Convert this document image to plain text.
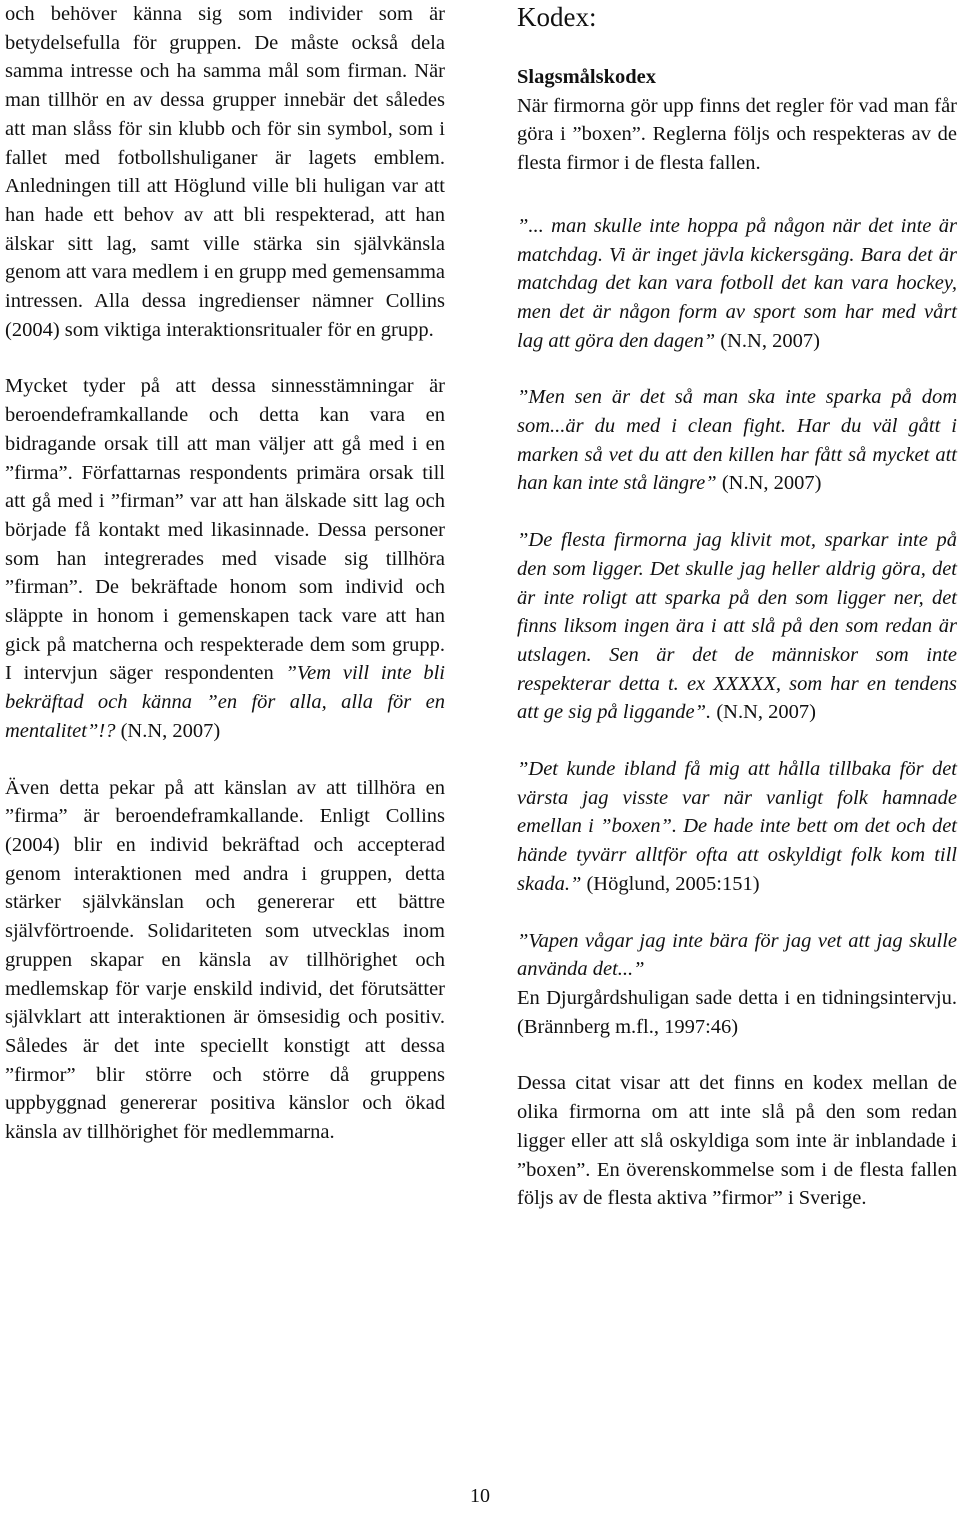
och behöver känna sig som individer som är betydelsefulla för gruppen. De måste också dela samma intresse och ha samma mål som firman. När man tillhör en av dessa grupper innebär det således att man slåss för sin klubb och för sin symbol, som i fallet med fotbollshuliganer är lagets emblem. Anledningen till att Höglund ville bli huligan var att han hade ett behov av att bli respekterad, att han älskar sitt lag, samt ville stärka sin självkänsla genom att vara medlem i en grupp med gemensamma intressen. Alla dessa ingredienser nämner Collins (2004) som viktiga interaktionsritualer för en grupp.

Mycket tyder på att dessa sinnesstämningar är beroendeframkallande och detta kan vara en bidragande orsak till att man väljer att gå med i en ”firma”. Författarnas respondents primära orsak till att gå med i ”firman” var att han älskade sitt lag och började få kontakt med likasinnade. Dessa personer som han integrerades med visade sig tillhöra ”firman”. De bekräftade honom som individ och släppte in honom i gemenskapen tack vare att han gick på matcherna och respekterade dem som grupp. I intervjun säger respondenten ”Vem vill inte bli bekräftad och känna ”en för alla, alla för en mentalitet”!? (N.N, 2007)

Även detta pekar på att känslan av att tillhöra en ”firma” är beroendeframkallande. Enligt Collins (2004) blir en individ bekräftad och accepterad genom interaktionen med andra i gruppen, detta stärker självkänslan och genererar ett bättre självförtroende. Solidariteten som utvecklas inom gruppen skapar en känsla av tillhörighet och medlemskap för varje enskild individ, det förutsätter självklart att interaktionen är ömsesidig och positiv. Således är det inte speciellt konstigt att dessa ”firmor” blir större och större då gruppens uppbyggnad genererar positiva känslor och ökad känsla av tillhörighet för medlemmarna.

Kodex:
Slagsmålskodex

När firmorna gör upp finns det regler för vad man får göra i ”boxen”. Reglerna följs och respekteras av de flesta firmor i de flesta fallen.

”... man skulle inte hoppa på någon när det inte är matchdag. Vi är inget jävla kickersgäng. Bara det är matchdag det kan vara fotboll det kan vara hockey, men det är någon form av sport som har med vårt lag att göra den dagen” (N.N, 2007)

”Men sen är det så man ska inte sparka på dom som...är du med i clean fight. Har du väl gått i marken så vet du att den killen har fått så mycket att han kan inte stå längre” (N.N, 2007)

”De flesta firmorna jag klivit mot, sparkar inte på den som ligger. Det skulle jag heller aldrig göra, det är inte roligt att sparka på den som ligger ner, det finns liksom ingen ära i att slå på den som redan är utslagen. Sen är det de människor som inte respekterar detta t. ex XXXXX, som har en tendens att ge sig på liggande”. (N.N, 2007)

”Det kunde ibland få mig att hålla tillbaka för det värsta jag visste var när vanligt folk hamnade emellan i ”boxen”. De hade inte bett om det och det hände tyvärr alltför ofta att oskyldigt folk kom till skada.” (Höglund, 2005:151)

”Vapen vågar jag inte bära för jag vet att jag skulle använda det...”
En Djurgårdshuligan sade detta i en tidningsintervju. (Brännberg m.fl., 1997:46)

Dessa citat visar att det finns en kodex mellan de olika firmorna om att inte slå på den som redan ligger eller att slå oskyldiga som inte är inblandade i ”boxen”. En överenskommelse som i de flesta fallen följs av de flesta aktiva ”firmor” i Sverige.

10
